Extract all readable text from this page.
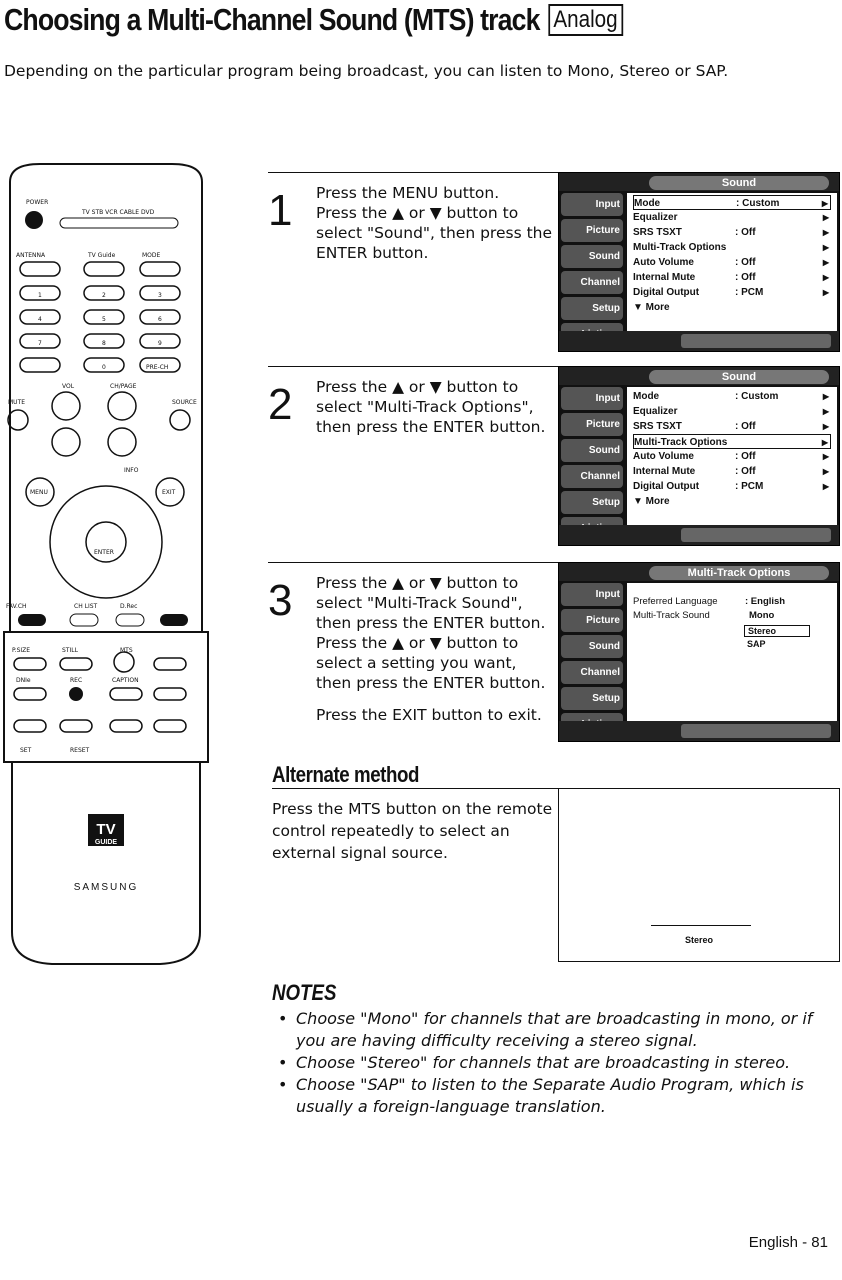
Choosing a Multi-Channel Sound (MTS) track Analog
Depending on the particular program being broadcast, you can listen to Mono, Stereo or SAP.
POWER
TV STB VCR CABLE DVD
ANTENNA	TV Guide	MODE
1	2	3
4	5	6
7	8	9
0	PRE-CH
VOL	CH/PAGE
MUTE	SOURCE
INFO
MENU	EXIT
ENTER
FAV.CH	CH LIST	D.Rec
P.SIZE	STILL	MTS
DNIe	REC	CAPTION
SET	RESET
TV
GUIDE
SAMSUNG
1 Press the MENU button.

Press the ▲ or ▼ button to select "Sound", then press the ENTER button.

Sound
Input
Picture
Sound
Channel
Setup
Mode	: Custom	▶
Equalizer	▶
SRS TSXT	: Off	▶
Multi-Track Options	▶
Auto Volume	: Off	▶
Internal Mute	: Off	▶
Digital Output	: PCM	▶
▼ More
2 Press the ▲ or ▼ button to select "Multi-Track Options", then press the ENTER button.

Sound
Input
Picture
Sound
Channel
Setup
Mode	: Custom	▶
Equalizer	▶
SRS TSXT	: Off	▶
Multi-Track Options	▶
Auto Volume	: Off	▶
Internal Mute	: Off	▶
Digital Output	: PCM	▶
▼ More
3 Press the ▲ or ▼ button to select "Multi-Track Sound", then press the ENTER button. Press the ▲ or ▼ button to select a setting you want, then press the ENTER button.

Press the EXIT button to exit.

Multi-Track Options
Input
Picture
Sound
Channel
Setup
Preferred Language	: English
Multi-Track Sound	Mono
Stereo
SAP
Alternate method
Press the MTS button on the remote control repeatedly to select an external signal source.
Stereo
NOTES
• Choose "Mono" for channels that are broadcasting in mono, or if you are having difficulty receiving a stereo signal.
• Choose "Stereo" for channels that are broadcasting in stereo.
• Choose "SAP" to listen to the Separate Audio Program, which is usually a foreign-language translation.
English - 81
